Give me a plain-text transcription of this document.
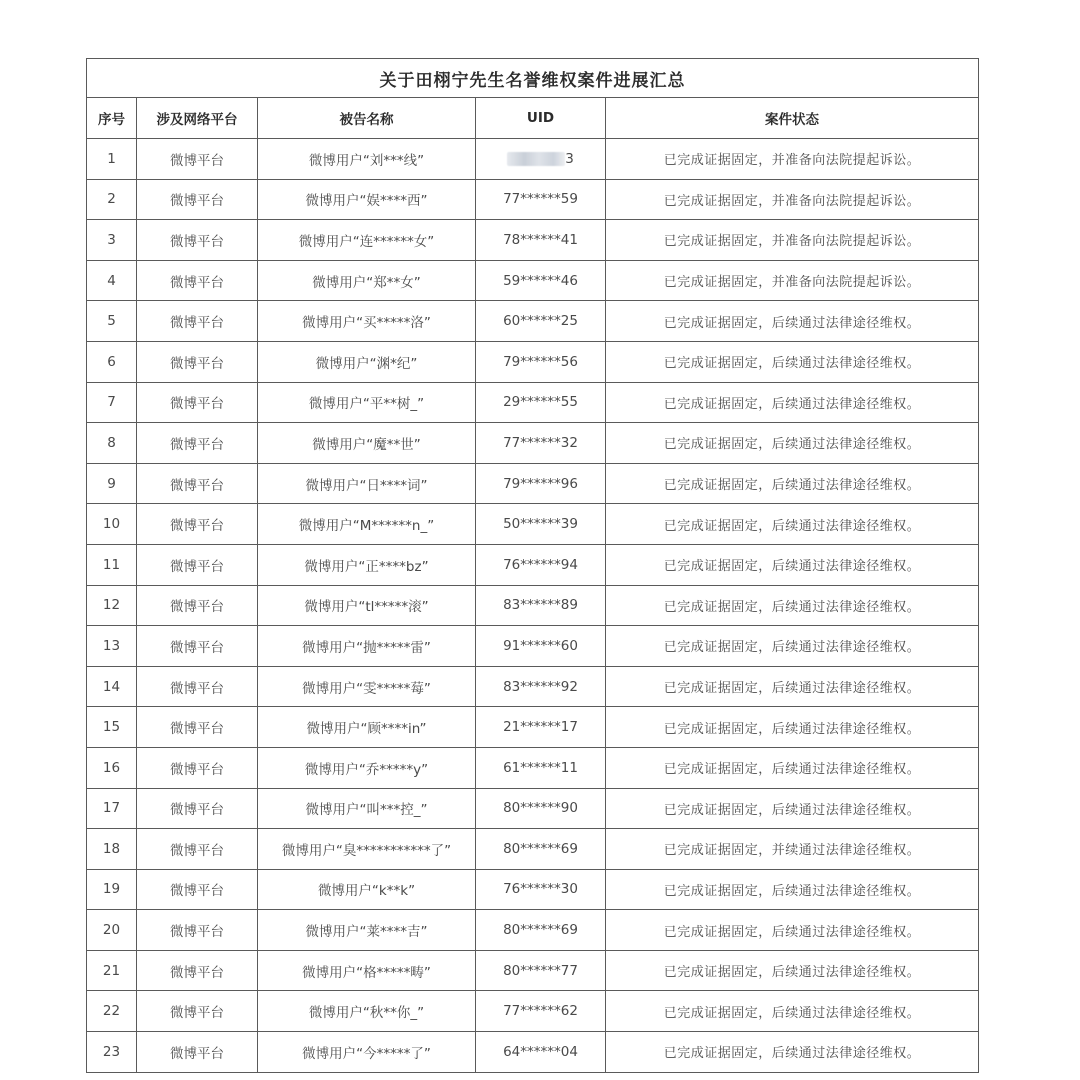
关于田栩宁先生名誉维权案件进展汇总				
序号	涉及网络平台	被告名称	UID	案件状态
1	微博平台	微博用户“刘***线”	3	已完成证据固定，并准备向法院提起诉讼。
2	微博平台	微博用户“娱****西”	77******59	已完成证据固定，并准备向法院提起诉讼。
3	微博平台	微博用户“连******女”	78******41	已完成证据固定，并准备向法院提起诉讼。
4	微博平台	微博用户“郑**女”	59******46	已完成证据固定，并准备向法院提起诉讼。
5	微博平台	微博用户“买*****洛”	60******25	已完成证据固定，后续通过法律途径维权。
6	微博平台	微博用户“渊*纪”	79******56	已完成证据固定，后续通过法律途径维权。
7	微博平台	微博用户“平**树_”	29******55	已完成证据固定，后续通过法律途径维权。
8	微博平台	微博用户“魔**世”	77******32	已完成证据固定，后续通过法律途径维权。
9	微博平台	微博用户“日****词”	79******96	已完成证据固定，后续通过法律途径维权。
10	微博平台	微博用户“M******n_”	50******39	已完成证据固定，后续通过法律途径维权。
11	微博平台	微博用户“正****bz”	76******94	已完成证据固定，后续通过法律途径维权。
12	微博平台	微博用户“tl*****滚”	83******89	已完成证据固定，后续通过法律途径维权。
13	微博平台	微博用户“抛*****雷”	91******60	已完成证据固定，后续通过法律途径维权。
14	微博平台	微博用户“雯*****莓”	83******92	已完成证据固定，后续通过法律途径维权。
15	微博平台	微博用户“顾****in”	21******17	已完成证据固定，后续通过法律途径维权。
16	微博平台	微博用户“乔*****y”	61******11	已完成证据固定，后续通过法律途径维权。
17	微博平台	微博用户“叫***控_”	80******90	已完成证据固定，后续通过法律途径维权。
18	微博平台	微博用户“臭***********了”	80******69	已完成证据固定，并续通过法律途径维权。
19	微博平台	微博用户“k**k”	76******30	已完成证据固定，后续通过法律途径维权。
20	微博平台	微博用户“莱****吉”	80******69	已完成证据固定，后续通过法律途径维权。
21	微博平台	微博用户“格*****畴”	80******77	已完成证据固定，后续通过法律途径维权。
22	微博平台	微博用户“秋**你_”	77******62	已完成证据固定，后续通过法律途径维权。
23	微博平台	微博用户“今*****了”	64******04	已完成证据固定，后续通过法律途径维权。
